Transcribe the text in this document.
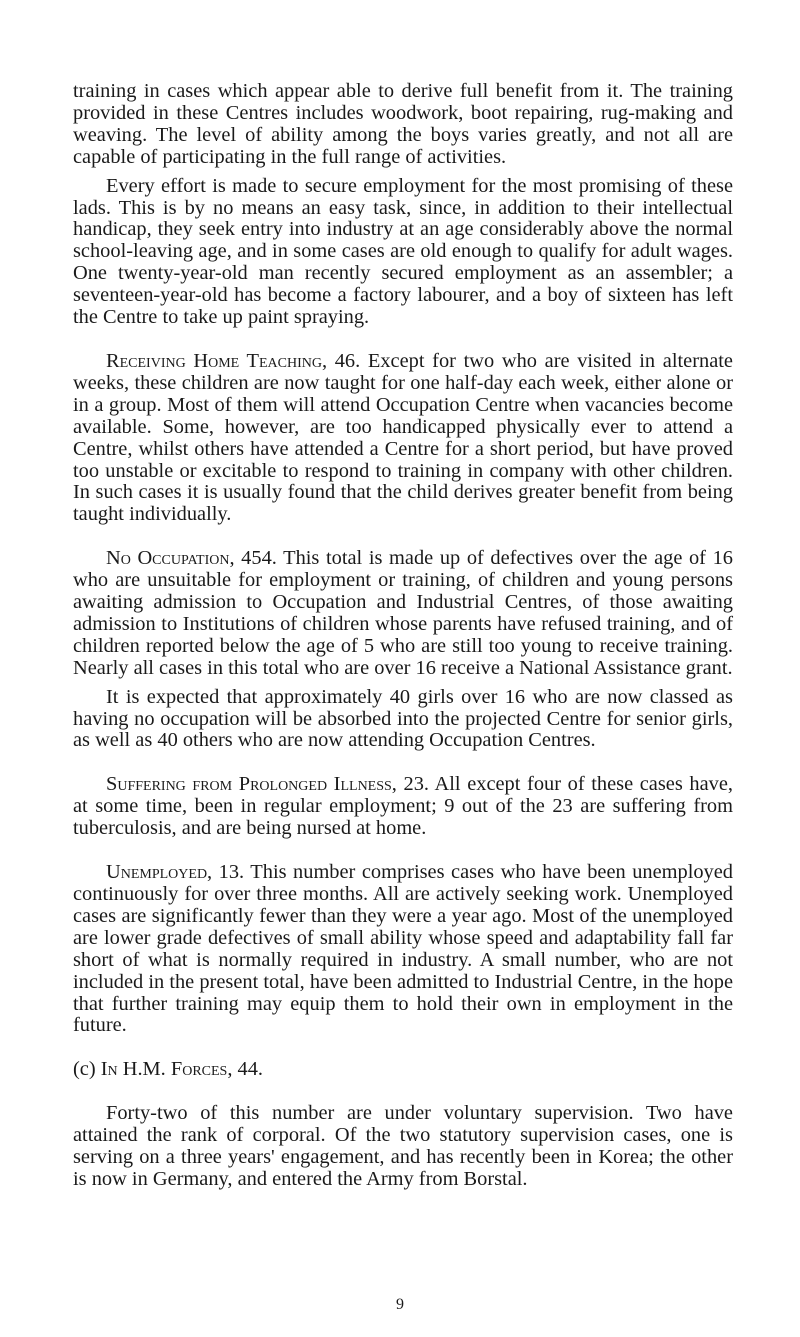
training in cases which appear able to derive full benefit from it. The training provided in these Centres includes woodwork, boot repairing, rug-making and weaving. The level of ability among the boys varies greatly, and not all are capable of participating in the full range of activities.

Every effort is made to secure employment for the most promising of these lads. This is by no means an easy task, since, in addition to their intellectual handicap, they seek entry into industry at an age considerably above the normal school-leaving age, and in some cases are old enough to qualify for adult wages. One twenty-year-old man recently secured employment as an assembler; a seventeen-year-old has become a factory labourer, and a boy of sixteen has left the Centre to take up paint spraying.

Receiving Home Teaching, 46. Except for two who are visited in alternate weeks, these children are now taught for one half-day each week, either alone or in a group. Most of them will attend Occupation Centre when vacancies become available. Some, however, are too handicapped physically ever to attend a Centre, whilst others have attended a Centre for a short period, but have proved too unstable or excitable to respond to training in company with other children. In such cases it is usually found that the child derives greater benefit from being taught individually.

No Occupation, 454. This total is made up of defectives over the age of 16 who are unsuitable for employment or training, of children and young persons awaiting admission to Occupation and Industrial Centres, of those awaiting admission to Institutions of children whose parents have refused training, and of children reported below the age of 5 who are still too young to receive training. Nearly all cases in this total who are over 16 receive a National Assistance grant.

It is expected that approximately 40 girls over 16 who are now classed as having no occupation will be absorbed into the projected Centre for senior girls, as well as 40 others who are now attending Occupation Centres.

Suffering from Prolonged Illness, 23. All except four of these cases have, at some time, been in regular employment; 9 out of the 23 are suffering from tuberculosis, and are being nursed at home.

Unemployed, 13. This number comprises cases who have been unemployed continuously for over three months. All are actively seeking work. Unemployed cases are significantly fewer than they were a year ago. Most of the unemployed are lower grade defectives of small ability whose speed and adaptability fall far short of what is normally required in industry. A small number, who are not included in the present total, have been admitted to Industrial Centre, in the hope that further training may equip them to hold their own in employment in the future.

(c) In H.M. Forces, 44.

Forty-two of this number are under voluntary supervision. Two have attained the rank of corporal. Of the two statutory supervision cases, one is serving on a three years' engagement, and has recently been in Korea; the other is now in Germany, and entered the Army from Borstal.

9
